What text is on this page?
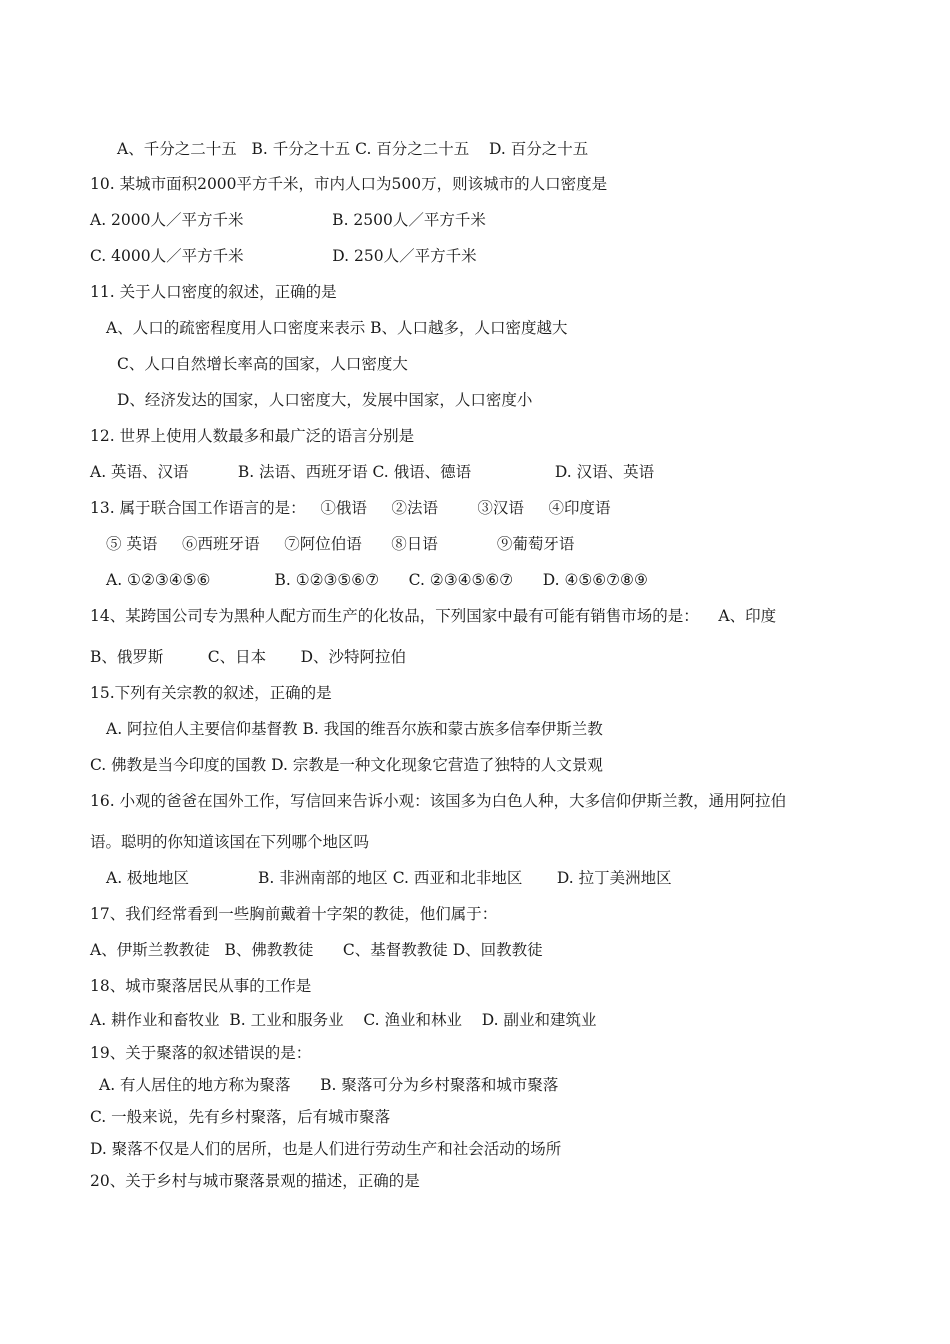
A、千分之二十五   B. 千分之十五 C. 百分之二十五    D. 百分之十五
10. 某城市面积2000平方千米，市内人口为500万，则该城市的人口密度是
A. 2000人／平方千米                  B. 2500人／平方千米
C. 4000人／平方千米                  D. 250人／平方千米
11. 关于人口密度的叙述，正确的是
A、人口的疏密程度用人口密度来表示 B、人口越多，人口密度越大
C、人口自然增长率高的国家，人口密度大
D、经济发达的国家，人口密度大，发展中国家，人口密度小
12. 世界上使用人数最多和最广泛的语言分别是
A. 英语、汉语          B. 法语、西班牙语 C. 俄语、德语                 D. 汉语、英语
13. 属于联合国工作语言的是：   ①俄语     ②法语        ③汉语     ④印度语
⑤ 英语     ⑥西班牙语     ⑦阿位伯语      ⑧日语            ⑨葡萄牙语
A. ①②③④⑤⑥             B. ①②③⑤⑥⑦      C. ②③④⑤⑥⑦      D. ④⑤⑥⑦⑧⑨
14、某跨国公司专为黑种人配方而生产的化妆品，下列国家中最有可能有销售市场的是：    A、印度
B、俄罗斯         C、日本       D、沙特阿拉伯
15.下列有关宗教的叙述，正确的是
A. 阿拉伯人主要信仰基督教 B. 我国的维吾尔族和蒙古族多信奉伊斯兰教
C. 佛教是当今印度的国教 D. 宗教是一种文化现象它营造了独特的人文景观
16. 小观的爸爸在国外工作，写信回来告诉小观：该国多为白色人种，大多信仰伊斯兰教，通用阿拉伯
语。聪明的你知道该国在下列哪个地区吗
A. 极地地区              B. 非洲南部的地区 C. 西亚和北非地区       D. 拉丁美洲地区
17、我们经常看到一些胸前戴着十字架的教徒，他们属于：
A、伊斯兰教教徒   B、佛教教徒      C、基督教教徒 D、回教教徒
18、城市聚落居民从事的工作是
A. 耕作业和畜牧业  B. 工业和服务业    C. 渔业和林业    D. 副业和建筑业
19、关于聚落的叙述错误的是：
A. 有人居住的地方称为聚落      B. 聚落可分为乡村聚落和城市聚落
C. 一般来说，先有乡村聚落，后有城市聚落
D. 聚落不仅是人们的居所，也是人们进行劳动生产和社会活动的场所
20、关于乡村与城市聚落景观的描述，正确的是
